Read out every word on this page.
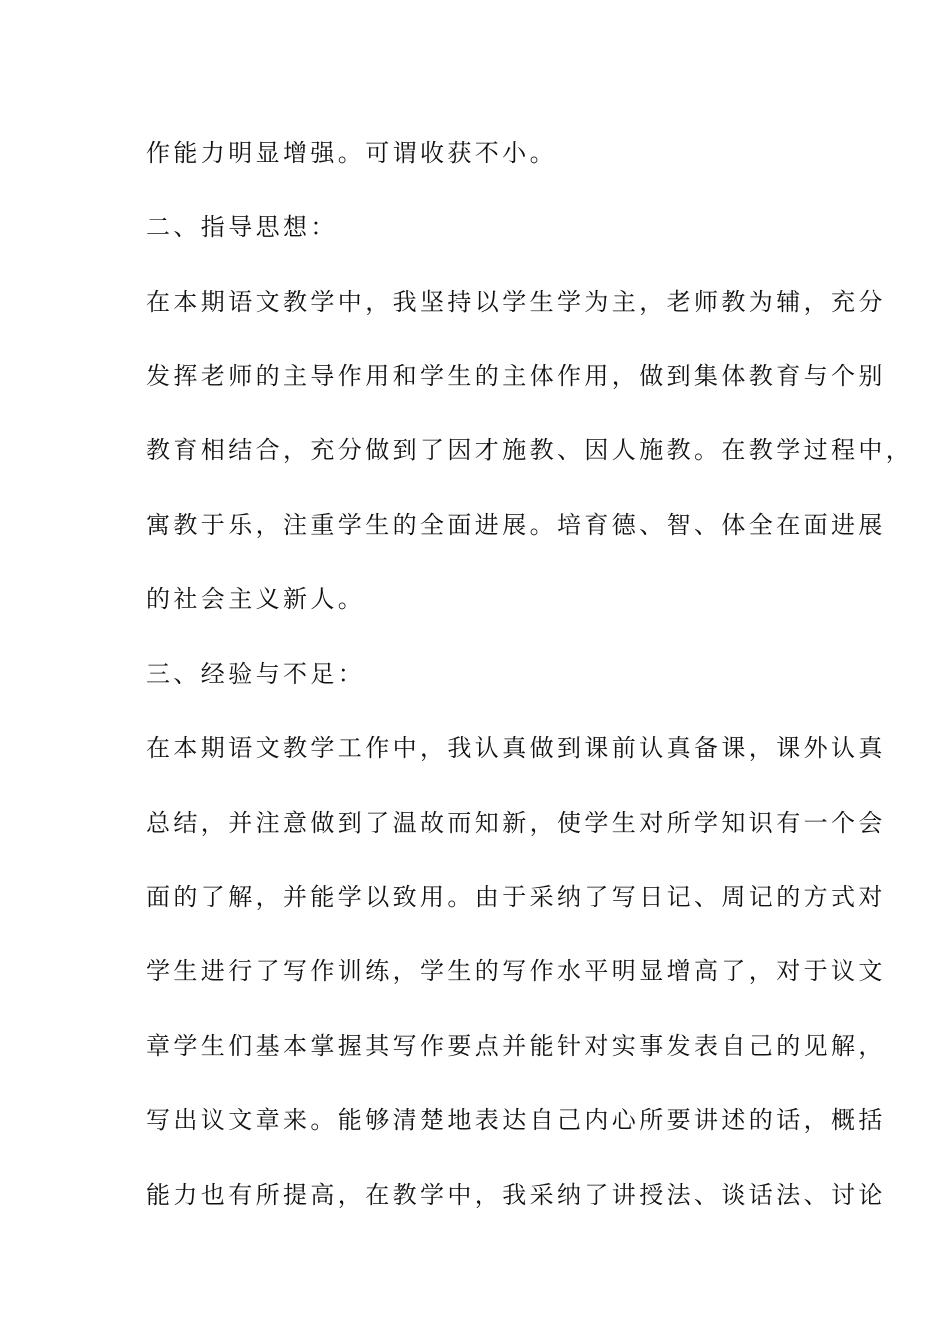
作能力明显增强。可谓收获不小。
二、指导思想：
在本期语文教学中，我坚持以学生学为主，老师教为辅，充分
发挥老师的主导作用和学生的主体作用，做到集体教育与个别
教育相结合，充分做到了因才施教、因人施教。在教学过程中，
寓教于乐，注重学生的全面进展。培育德、智、体全在面进展
的社会主义新人。
三、经验与不足：
在本期语文教学工作中，我认真做到课前认真备课，课外认真
总结，并注意做到了温故而知新，使学生对所学知识有一个会
面的了解，并能学以致用。由于采纳了写日记、周记的方式对
学生进行了写作训练，学生的写作水平明显增高了，对于议文
章学生们基本掌握其写作要点并能针对实事发表自己的见解，
写出议文章来。能够清楚地表达自己内心所要讲述的话，概括
能力也有所提高，在教学中，我采纳了讲授法、谈话法、讨论
